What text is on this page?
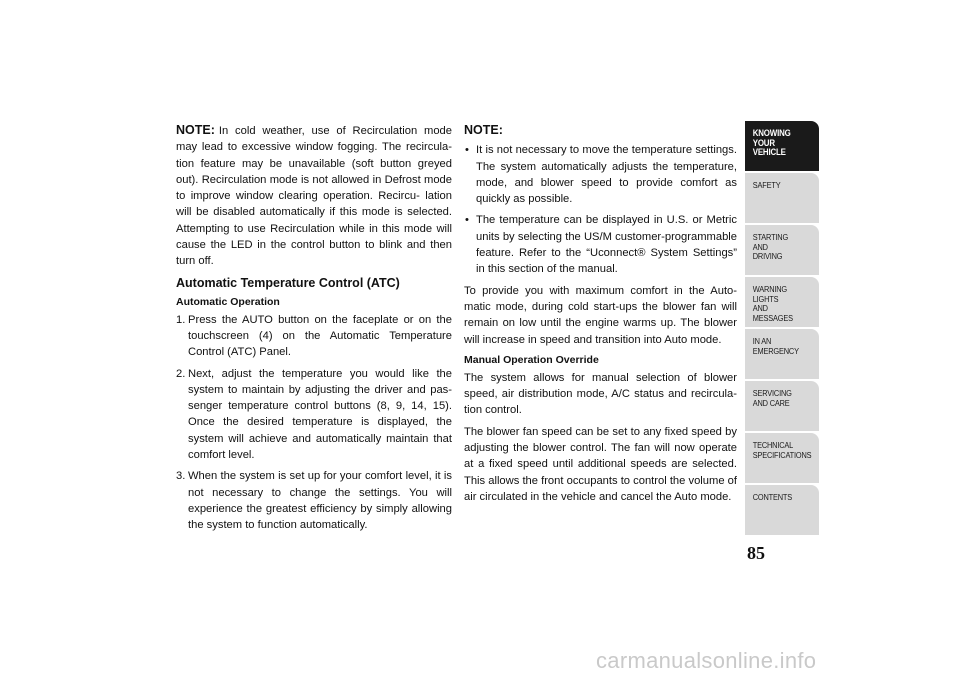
NOTE: In cold weather, use of Recirculation mode may lead to excessive window fogging. The recircula- tion feature may be unavailable (soft button greyed out). Recirculation mode is not allowed in Defrost mode to improve window clearing operation. Recircu- lation will be disabled automatically if this mode is selected. Attempting to use Recirculation while in this mode will cause the LED in the control button to blink and then turn off.

Automatic Temperature Control (ATC)
Automatic Operation
1. Press the AUTO button on the faceplate or on the touchscreen (4) on the Automatic Temperature Control (ATC) Panel.
2. Next, adjust the temperature you would like the system to maintain by adjusting the driver and pas- senger temperature control buttons (8, 9, 14, 15). Once the desired temperature is displayed, the system will achieve and automatically maintain that comfort level.
3. When the system is set up for your comfort level, it is not necessary to change the settings. You will experience the greatest efficiency by simply allowing the system to function automatically.
NOTE:
• It is not necessary to move the temperature settings. The system automatically adjusts the temperature, mode, and blower speed to provide comfort as quickly as possible.
• The temperature can be displayed in U.S. or Metric units by selecting the US/M customer-programmable feature. Refer to the “Uconnect® System Settings” in this section of the manual.

To provide you with maximum comfort in the Auto- matic mode, during cold start-ups the blower fan will remain on low until the engine warms up. The blower will increase in speed and transition into Auto mode.

Manual Operation Override

The system allows for manual selection of blower speed, air distribution mode, A/C status and recircula- tion control.

The blower fan speed can be set to any fixed speed by adjusting the blower control. The fan will now operate at a fixed speed until additional speeds are selected. This allows the front occupants to control the volume of air circulated in the vehicle and cancel the Auto mode.

KNOWING
YOUR
VEHICLE
SAFETY
STARTING
AND
DRIVING
WARNING
LIGHTS
AND
MESSAGES
IN AN
EMERGENCY
SERVICING
AND CARE
TECHNICAL
SPECIFICATIONS
CONTENTS
85
carmanualsonline.info
